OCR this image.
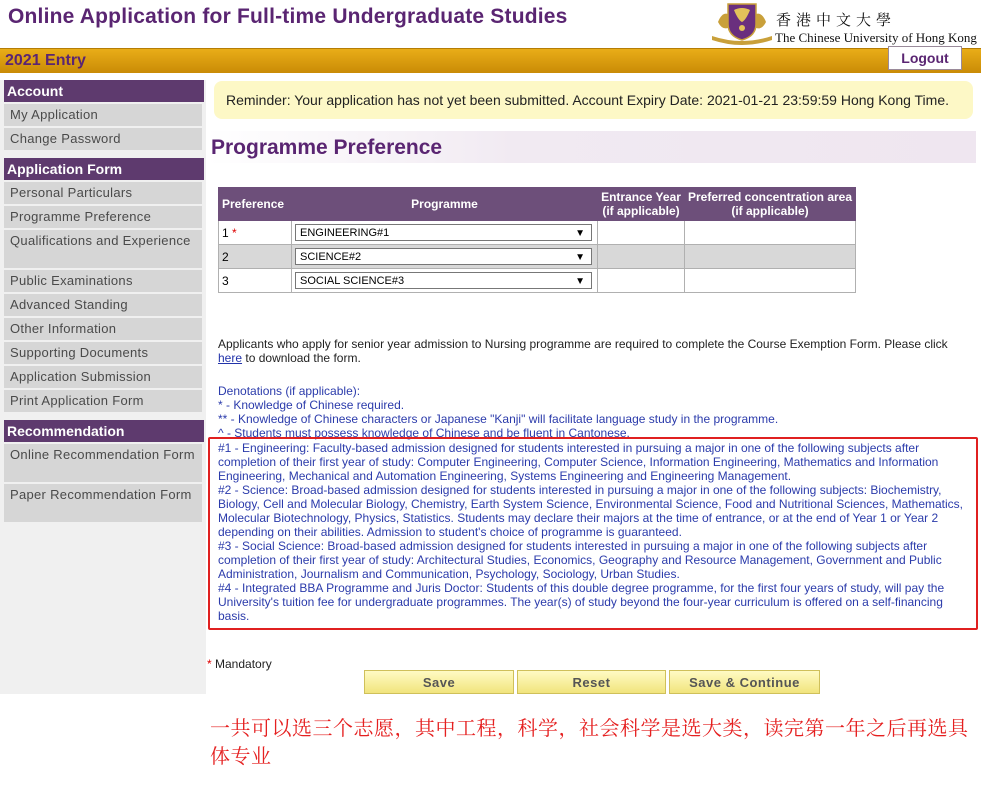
Online Application for Full-time Undergraduate Studies	香港中文大學
The Chinese University of Hong Kong
2021 Entry	Logout
Account
My Application
Change Password
Application Form
Personal Particulars
Programme Preference
Qualifications and Experience
Public Examinations
Advanced Standing
Other Information
Supporting Documents
Application Submission
Print Application Form
Recommendation
Online Recommendation Form
Paper Recommendation Form
Reminder: Your application has not yet been submitted. Account Expiry Date: 2021-01-21 23:59:59 Hong Kong Time.
Programme Preference
Preference	Programme	Entrance Year (if applicable)	Preferred concentration area (if applicable)
1 *	ENGINEERING#1 ▼		

2	SCIENCE#2 ▼		

3	SOCIAL SCIENCE#3 ▼		

Applicants who apply for senior year admission to Nursing programme are required to complete the Course Exemption Form. Please click
here to download the form.
Denotations (if applicable):
* - Knowledge of Chinese required.
** - Knowledge of Chinese characters or Japanese "Kanji" will facilitate language study in the programme.
^ - Students must possess knowledge of Chinese and be fluent in Cantonese.

#1 - Engineering: Faculty-based admission designed for students interested in pursuing a major in one of the following subjects after completion of their first year of study: Computer Engineering, Computer Science, Information Engineering, Mathematics and Information Engineering, Mechanical and Automation Engineering, Systems Engineering and Engineering Management.

#2 - Science: Broad-based admission designed for students interested in pursuing a major in one of the following subjects: Biochemistry, Biology, Cell and Molecular Biology, Chemistry, Earth System Science, Environmental Science, Food and Nutritional Sciences, Mathematics, Molecular Biotechnology, Physics, Statistics. Students may declare their majors at the time of entrance, or at the end of Year 1 or Year 2 depending on their abilities. Admission to student's choice of programme is guaranteed.

#3 - Social Science: Broad-based admission designed for students interested in pursuing a major in one of the following subjects after completion of their first year of study: Architectural Studies, Economics, Geography and Resource Management, Government and Public Administration, Journalism and Communication, Psychology, Sociology, Urban Studies.

#4 - Integrated BBA Programme and Juris Doctor: Students of this double degree programme, for the first four years of study, will pay the University's tuition fee for undergraduate programmes. The year(s) of study beyond the four-year curriculum is offered on a self-financing basis.

* Mandatory
Save	Reset	Save & Continue
一共可以选三个志愿，其中工程，科学，社会科学是选大类，读完第一年之后再选具体专业
